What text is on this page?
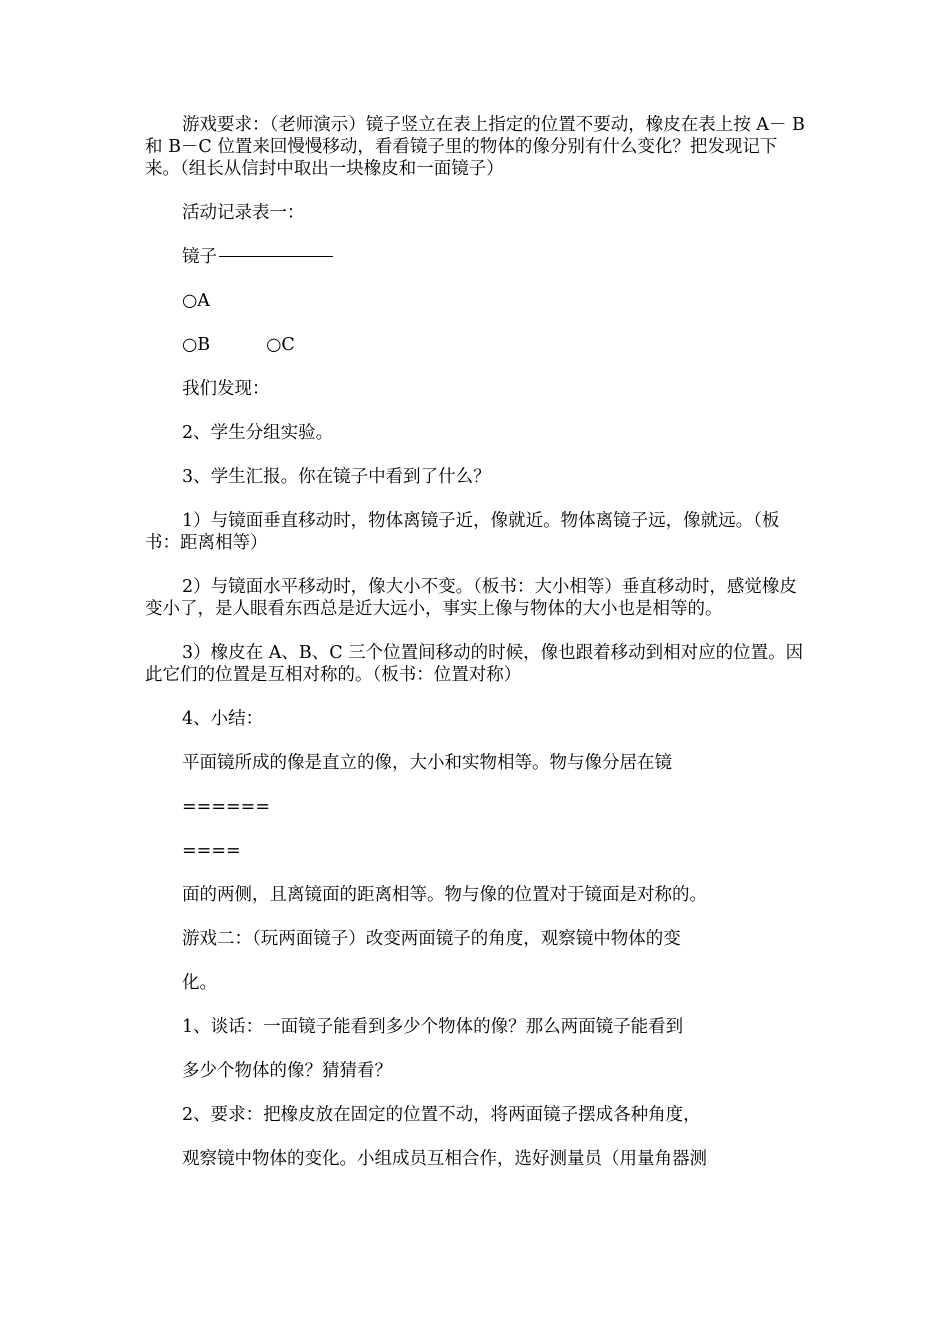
游戏要求：（老师演示）镜子竖立在表上指定的位置不要动，橡皮在表上按 A－ B 和 B－C 位置来回慢慢移动，看看镜子里的物体的像分别有什么变化？把发现记下来。（组长从信封中取出一块橡皮和一面镜子）

活动记录表一：

镜子

○A

○B	○C

我们发现：

2、学生分组实验。

3、学生汇报。你在镜子中看到了什么？

1）与镜面垂直移动时，物体离镜子近，像就近。物体离镜子远，像就远。（板书：距离相等）

2）与镜面水平移动时，像大小不变。（板书：大小相等）垂直移动时，感觉橡皮变小了，是人眼看东西总是近大远小，事实上像与物体的大小也是相等的。

3）橡皮在 A、B、C 三个位置间移动的时候，像也跟着移动到相对应的位置。因此它们的位置是互相对称的。（板书：位置对称）

4、小结：

平面镜所成的像是直立的像，大小和实物相等。物与像分居在镜

======

====

面的两侧，且离镜面的距离相等。物与像的位置对于镜面是对称的。

游戏二：（玩两面镜子）改变两面镜子的角度，观察镜中物体的变

化。

1、谈话：一面镜子能看到多少个物体的像？那么两面镜子能看到

多少个物体的像？猜猜看？

2、要求：把橡皮放在固定的位置不动，将两面镜子摆成各种角度，

观察镜中物体的变化。小组成员互相合作，选好测量员（用量角器测
